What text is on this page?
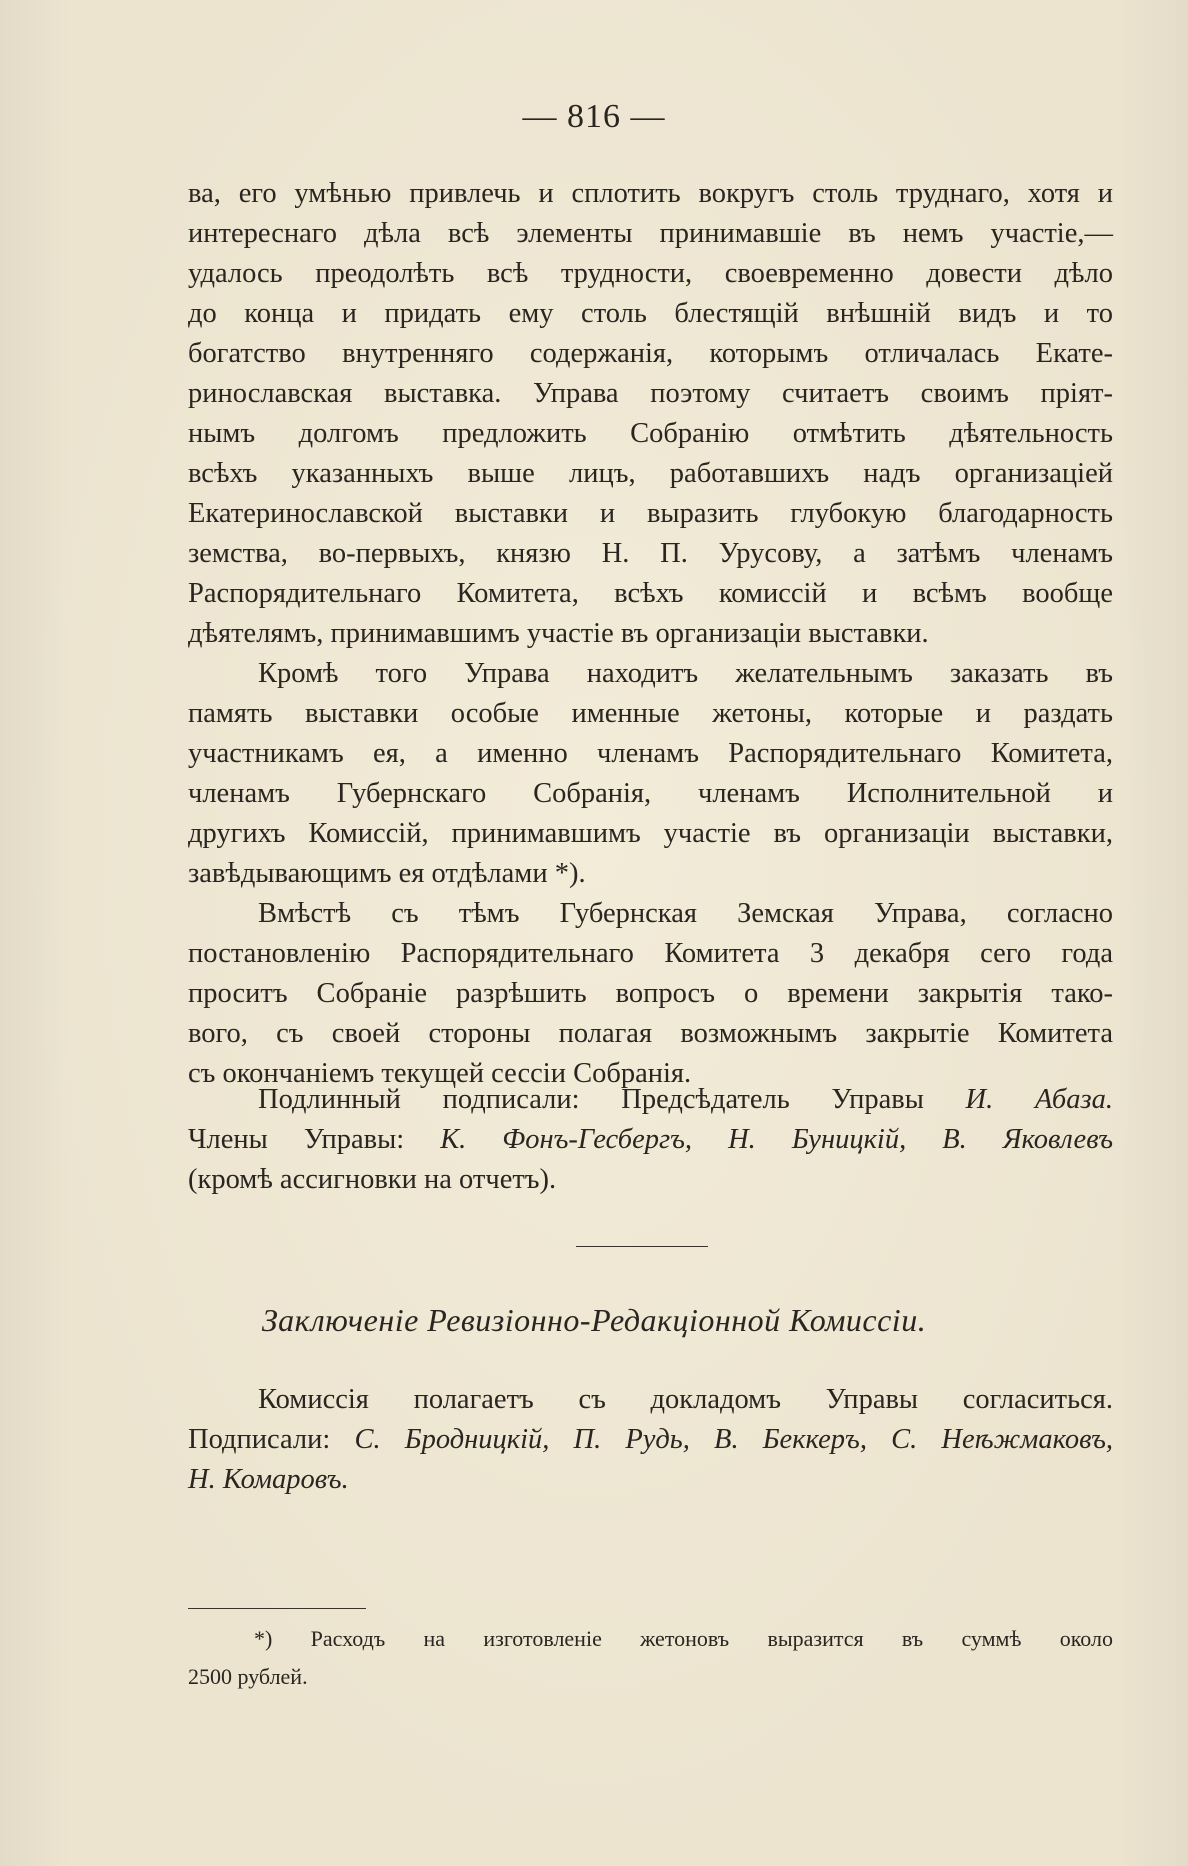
— 816 —
ва, его умѣнью привлечь и сплотить вокругъ столь труднаго, хотя и
интереснаго дѣла всѣ элементы принимавшіе въ немъ участіе,—
удалось преодолѣть всѣ трудности, своевременно довести дѣло
до конца и придать ему столь блестящій внѣшній видъ и то
богатство внутренняго содержанія, которымъ отличалась Екате-
ринославская выставка. Управа поэтому считаетъ своимъ пріят-
нымъ долгомъ предложить Собранію отмѣтить дѣятельность
всѣхъ указанныхъ выше лицъ, работавшихъ надъ организацiей
Екатеринославской выставки и выразить глубокую благодарность
земства, во-первыхъ, князю Н. П. Урусову, а затѣмъ членамъ
Распорядительнаго Комитета, всѣхъ комиссій и всѣмъ вообще
дѣятелямъ, принимавшимъ участіе въ организаціи выставки.
Кромѣ того Управа находитъ желательнымъ заказать въ
память выставки особые именные жетоны, которые и раздать
участникамъ ея, а именно членамъ Распорядительнаго Комитета,
членамъ Губернскаго Собранія, членамъ Исполнительной и
другихъ Комиссій, принимавшимъ участіе въ организаціи выставки,
завѣдывающимъ ея отдѣлами *).
Вмѣстѣ съ тѣмъ Губернская Земская Управа, согласно
постановленію Распорядительнаго Комитета 3 декабря сего года
проситъ Собраніе разрѣшить вопросъ о времени закрытія тако-
вого, съ своей стороны полагая возможнымъ закрытіе Комитета
съ окончаніемъ текущей сессіи Собранія.
Подлинный подписали: Предсѣдатель Управы И. Абаза.
Члены Управы: К. Фонъ-Гесбергъ, Н. Буницкій, В. Яковлевъ
(кромѣ ассигновки на отчетъ).
Заключеніе Ревизіонно-Редакціонной Комиссіи.
Комиссія полагаетъ съ докладомъ Управы согласиться.
Подписали: С. Бродницкій, П. Рудь, В. Беккеръ, С. Неѣжмаковъ,
Н. Комаровъ.
*) Расходъ на изготовленіе жетоновъ выразится въ суммѣ около
2500 рублей.
